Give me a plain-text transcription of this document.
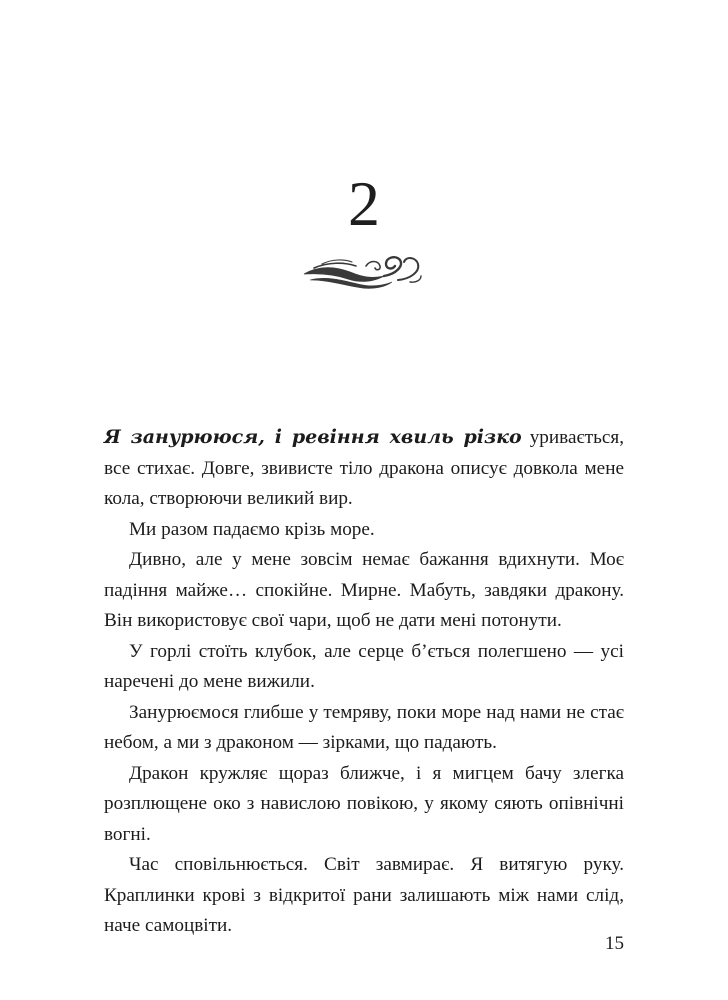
2

Я занурююся, і ревіння хвиль різко уривається, все стихає. Довге, звивисте тіло дракона описує довкола мене кола, створюючи великий вир.

Ми разом падаємо крізь море.

Дивно, але у мене зовсім немає бажання вдихнути. Моє падіння майже… спокійне. Мирне. Мабуть, завдяки дракону. Він використовує свої чари, щоб не дати мені потонути.

У горлі стоїть клубок, але серце б’ється полегшено — усі наречені до мене вижили.

Занурюємося глибше у темряву, поки море над нами не стає небом, а ми з драконом — зірками, що падають.

Дракон кружляє щораз ближче, і я мигцем бачу злегка розплющене око з навислою повікою, у якому сяють опівнічні вогні.

Час сповільнюється. Світ завмирає. Я витягую руку. Краплинки крові з відкритої рани залишають між нами слід, наче самоцвіти.

15
